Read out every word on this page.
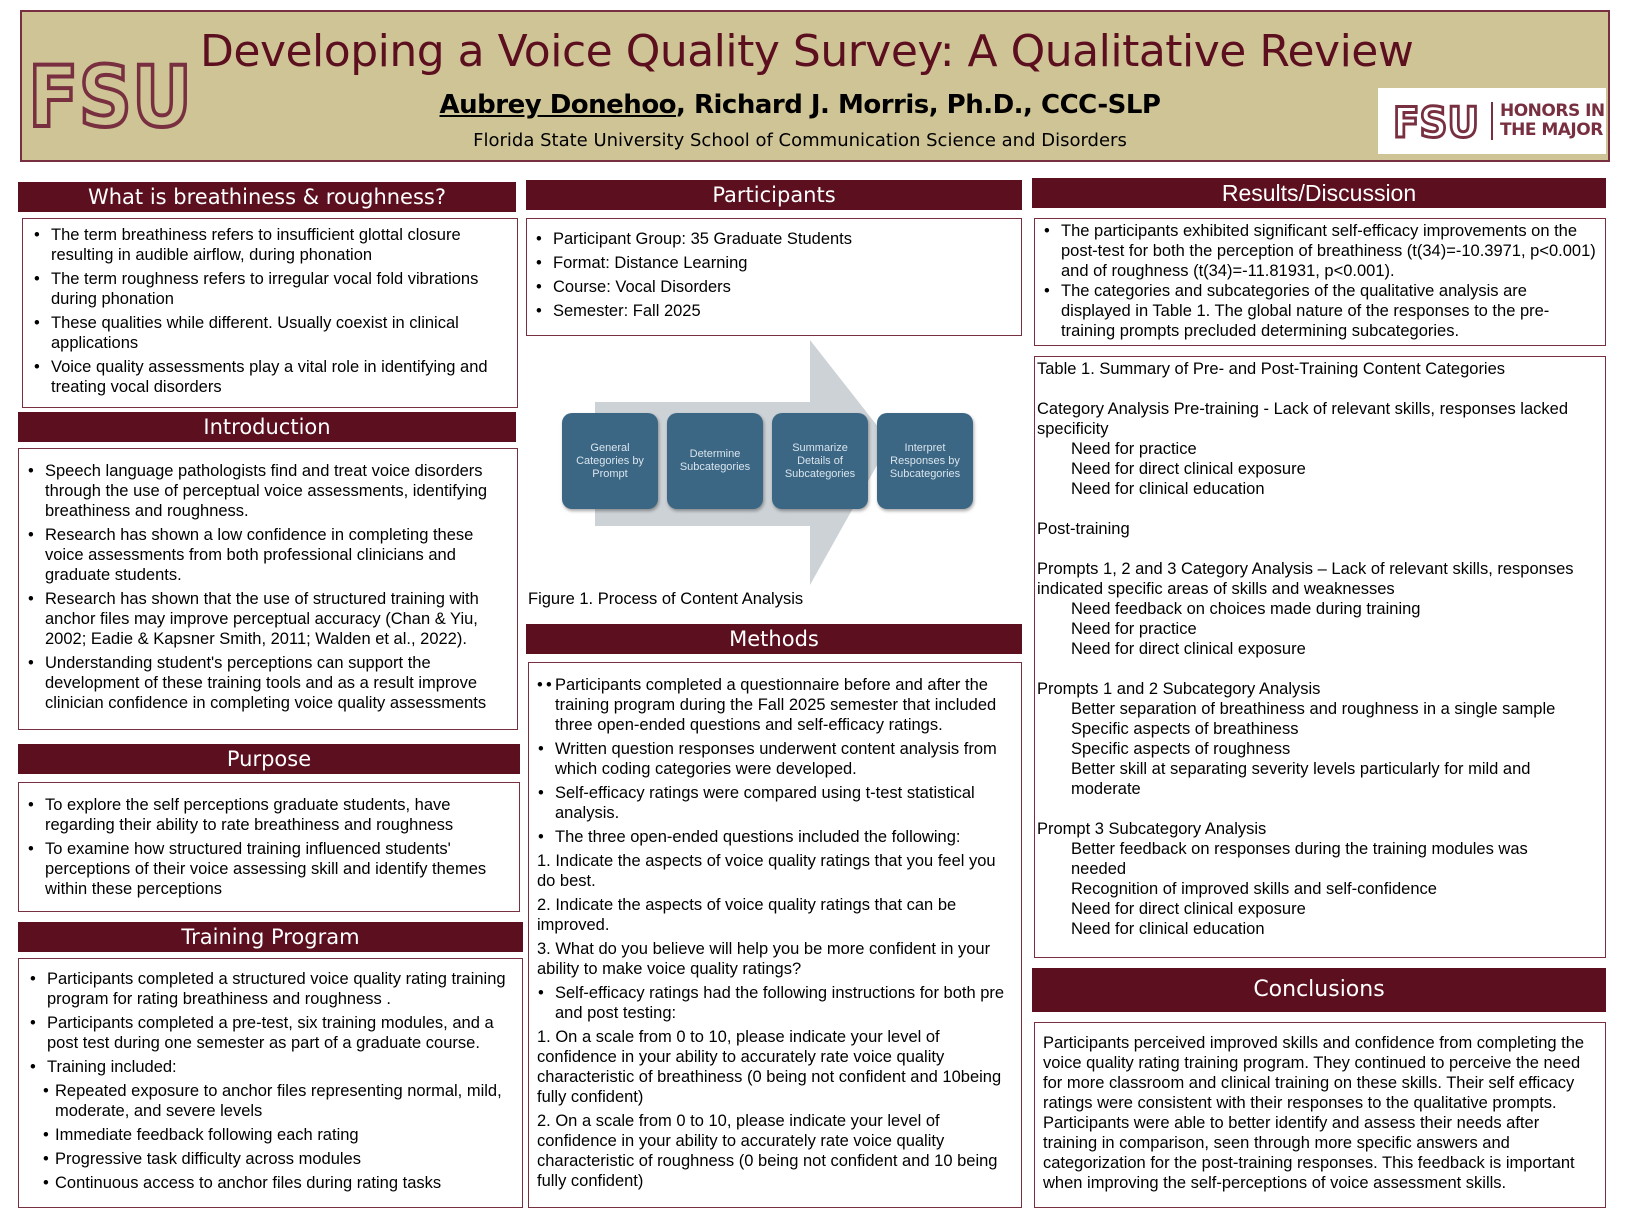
FSU Developing a Voice Quality Survey: A Qualitative Review
Aubrey Donehoo, Richard J. Morris, Ph.D., CCC-SLP
Florida State University School of Communication Science and Disorders	FSU HONORS IN
THE MAJOR
What is breathiness & roughness?
• The term breathiness refers to insufficient glottal closure resulting in audible airflow, during phonation
• The term roughness refers to irregular vocal fold vibrations during phonation
• These qualities while different. Usually coexist in clinical applications
• Voice quality assessments play a vital role in identifying and treating vocal disorders
Introduction
• Speech language pathologists find and treat voice disorders through the use of perceptual voice assessments, identifying breathiness and roughness.
• Research has shown a low confidence in completing these voice assessments from both professional clinicians and graduate students.
• Research has shown that the use of structured training with anchor files may improve perceptual accuracy (Chan & Yiu, 2002; Eadie & Kapsner Smith, 2011; Walden et al., 2022).
• Understanding student's perceptions can support the development of these training tools and as a result improve clinician confidence in completing voice quality assessments
Purpose
• To explore the self perceptions graduate students, have regarding their ability to rate breathiness and roughness
• To examine how structured training influenced students' perceptions of their voice assessing skill and identify themes within these perceptions
Training Program
• Participants completed a structured voice quality rating training program for rating breathiness and roughness .
• Participants completed a pre-test, six training modules, and a post test during one semester as part of a graduate course.
• Training included:
• Repeated exposure to anchor files representing normal, mild, moderate, and severe levels
• Immediate feedback following each rating
• Progressive task difficulty across modules
• Continuous access to anchor files during rating tasks
Participants
• Participant Group: 35 Graduate Students
• Format: Distance Learning
• Course: Vocal Disorders
• Semester: Fall 2025
General Categories by Prompt
Determine Subcategories
Summarize Details of Subcategories
Interpret Responses by Subcategories
Figure 1. Process of Content Analysis
Methods
• • Participants completed a questionnaire before and after the training program during the Fall 2025 semester that included three open-ended questions and self-efficacy ratings.
• Written question responses underwent content analysis from which coding categories were developed.
• Self-efficacy ratings were compared using t-test statistical analysis.
• The three open-ended questions included the following:
1. Indicate the aspects of voice quality ratings that you feel you do best.
2. Indicate the aspects of voice quality ratings that can be improved.
3. What do you believe will help you be more confident in your ability to make voice quality ratings?
• Self-efficacy ratings had the following instructions for both pre and post testing:
1. On a scale from 0 to 10, please indicate your level of confidence in your ability to accurately rate voice quality characteristic of breathiness (0 being not confident and 10being fully confident)
2. On a scale from 0 to 10, please indicate your level of confidence in your ability to accurately rate voice quality characteristic of roughness (0 being not confident and 10 being fully confident)
Results/Discussion
• The participants exhibited significant self-efficacy improvements on the post-test for both the perception of breathiness (t(34)=-10.3971, p<0.001) and of roughness (t(34)=-11.81931, p<0.001).
• The categories and subcategories of the qualitative analysis are displayed in Table 1. The global nature of the responses to the pre-training prompts precluded determining subcategories.
Table 1. Summary of Pre- and Post-Training Content Categories
Category Analysis Pre-training - Lack of relevant skills, responses lacked
specificity
Need for practice
Need for direct clinical exposure
Need for clinical education
Post-training
Prompts 1, 2 and 3 Category Analysis – Lack of relevant skills, responses
indicated specific areas of skills and weaknesses
Need feedback on choices made during training
Need for practice
Need for direct clinical exposure
Prompts 1 and 2 Subcategory Analysis
Better separation of breathiness and roughness in a single sample
Specific aspects of breathiness
Specific aspects of roughness
Better skill at separating severity levels particularly for mild and
moderate
Prompt 3 Subcategory Analysis
Better feedback on responses during the training modules was
needed
Recognition of improved skills and self-confidence
Need for direct clinical exposure
Need for clinical education
Conclusions
Participants perceived improved skills and confidence from completing the voice quality rating training program. They continued to perceive the need for more classroom and clinical training on these skills. Their self efficacy ratings were consistent with their responses to the qualitative prompts. Participants were able to better identify and assess their needs after training in comparison, seen through more specific answers and categorization for the post-training responses. This feedback is important when improving the self-perceptions of voice assessment skills.
